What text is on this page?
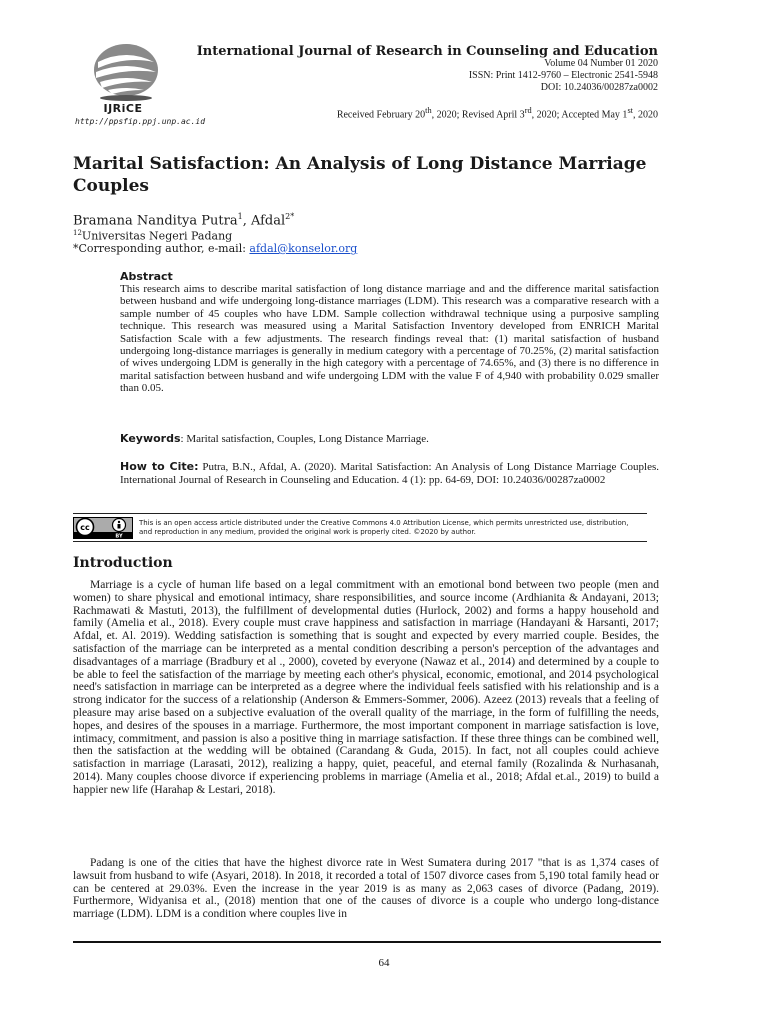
IJRiCE
http://ppsfip.ppj.unp.ac.id
International Journal of Research in Counseling and Education
Volume 04 Number 01 2020
ISSN: Print 1412-9760 – Electronic 2541-5948
DOI: 10.24036/00287za0002
Received February 20th, 2020; Revised April 3rd, 2020; Accepted May 1st, 2020
Marital Satisfaction: An Analysis of Long Distance Marriage Couples
Bramana Nanditya Putra$^1$, Afdal$^{2*}$
$^{12}$Universitas Negeri Padang
*Corresponding author, e-mail: afdal@konselor.org
Abstract
This research aims to describe marital satisfaction of long distance marriage and and the difference marital satisfaction between husband and wife undergoing long-distance marriages (LDM). This research was a comparative research with a sample number of 45 couples who have LDM. Sample collection withdrawal technique using a purposive sampling technique. This research was measured using a Marital Satisfaction Inventory developed from ENRICH Marital Satisfaction Scale with a few adjustments. The research findings reveal that: (1) marital satisfaction of husband undergoing long-distance marriages is generally in medium category with a percentage of 70.25%, (2) marital satisfaction of wives undergoing LDM is generally in the high category with a percentage of 74.65%, and (3) there is no difference in marital satisfaction between husband and wife undergoing LDM with the value F of 4,940 with probability 0.029 smaller than 0.05.
Keywords: Marital satisfaction, Couples, Long Distance Marriage.
How to Cite: Putra, B.N., Afdal, A. (2020). Marital Satisfaction: An Analysis of Long Distance Marriage Couples. International Journal of Research in Counseling and Education. 4 (1): pp. 64-69, DOI: 10.24036/00287za0002
cc
BY
This is an open access article distributed under the Creative Commons 4.0 Attribution License, which permits unrestricted use, distribution, and reproduction in any medium, provided the original work is properly cited. ©2020 by author.
Introduction
Marriage is a cycle of human life based on a legal commitment with an emotional bond between two people (men and women) to share physical and emotional intimacy, share responsibilities, and source income (Ardhianita & Andayani, 2013; Rachmawati & Mastuti, 2013), the fulfillment of developmental duties (Hurlock, 2002) and forms a happy household and family (Amelia et al., 2018). Every couple must crave happiness and satisfaction in marriage (Handayani & Harsanti, 2017; Afdal, et. Al. 2019). Wedding satisfaction is something that is sought and expected by every married couple. Besides, the satisfaction of the marriage can be interpreted as a mental condition describing a person's perception of the advantages and disadvantages of a marriage (Bradbury et al ., 2000), coveted by everyone (Nawaz et al., 2014) and determined by a couple to be able to feel the satisfaction of the marriage by meeting each other's physical, economic, emotional, and 2014 psychological need's satisfaction in marriage can be interpreted as a degree where the individual feels satisfied with his relationship and is a strong indicator for the success of a relationship (Anderson & Emmers-Sommer, 2006). Azeez (2013) reveals that a feeling of pleasure may arise based on a subjective evaluation of the overall quality of the marriage, in the form of fulfilling the needs, hopes, and desires of the spouses in a marriage. Furthermore, the most important component in marriage satisfaction is love, intimacy, commitment, and passion is also a positive thing in marriage satisfaction. If these three things can be combined well, then the satisfaction at the wedding will be obtained (Carandang & Guda, 2015). In fact, not all couples could achieve satisfaction in marriage (Larasati, 2012), realizing a happy, quiet, peaceful, and eternal family (Rozalinda & Nurhasanah, 2014). Many couples choose divorce if experiencing problems in marriage (Amelia et al., 2018; Afdal et.al., 2019) to build a happier new life (Harahap & Lestari, 2018).
Padang is one of the cities that have the highest divorce rate in West Sumatera during 2017 "that is as 1,374 cases of lawsuit from husband to wife (Asyari, 2018). In 2018, it recorded a total of 1507 divorce cases from 5,190 total family head or can be centered at 29.03%. Even the increase in the year 2019 is as many as 2,063 cases of divorce (Padang, 2019). Furthermore, Widyanisa et al., (2018) mention that one of the causes of divorce is a couple who undergo long-distance marriage (LDM). LDM is a condition where couples live in
64
